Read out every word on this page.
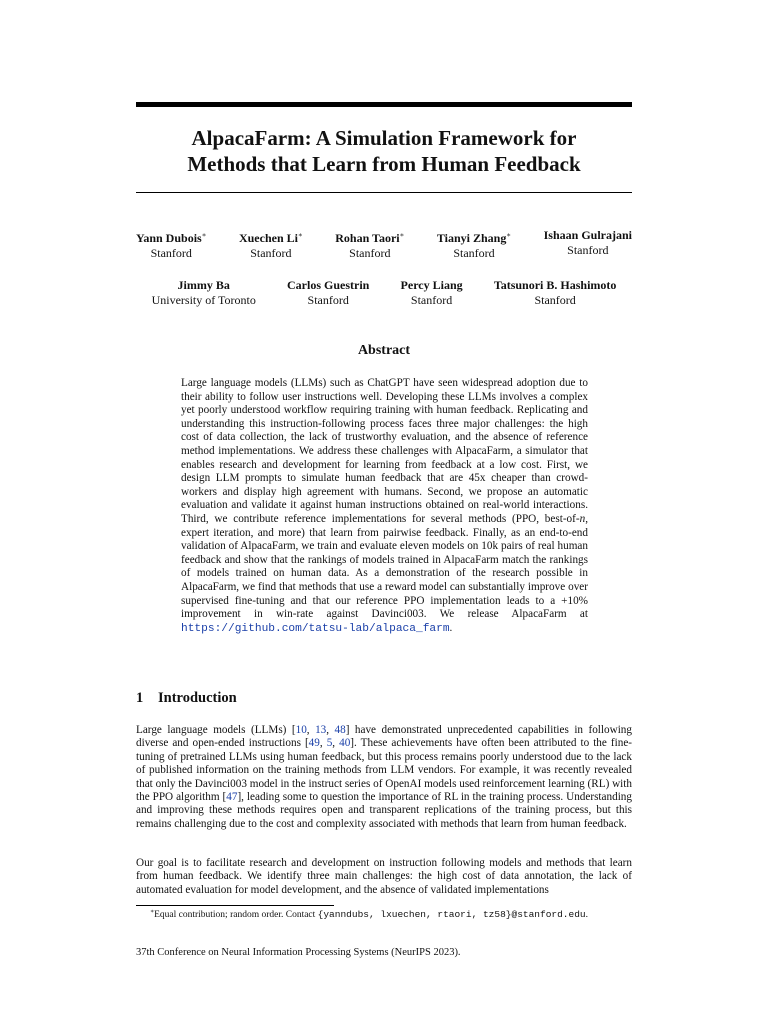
AlpacaFarm: A Simulation Framework for
Methods that Learn from Human Feedback
Yann Dubois∗
Stanford
Xuechen Li∗
Stanford
Rohan Taori∗
Stanford
Tianyi Zhang∗
Stanford
Ishaan Gulrajani
Stanford
Jimmy Ba
University of Toronto
Carlos Guestrin
Stanford
Percy Liang
Stanford
Tatsunori B. Hashimoto
Stanford
Abstract
Large language models (LLMs) such as ChatGPT have seen widespread adoption due to their ability to follow user instructions well. Developing these LLMs involves a complex yet poorly understood workflow requiring training with human feedback. Replicating and understanding this instruction-following process faces three major challenges: the high cost of data collection, the lack of trustworthy evaluation, and the absence of reference method implementations. We address these challenges with AlpacaFarm, a simulator that enables research and development for learning from feedback at a low cost. First, we design LLM prompts to simulate human feedback that are 45x cheaper than crowd-workers and display high agreement with humans. Second, we propose an automatic evaluation and validate it against human instructions obtained on real-world interactions. Third, we contribute reference implementations for several methods (PPO, best-of-n, expert iteration, and more) that learn from pairwise feedback. Finally, as an end-to-end validation of AlpacaFarm, we train and evaluate eleven models on 10k pairs of real human feedback and show that the rankings of models trained in AlpacaFarm match the rankings of models trained on human data. As a demonstration of the research possible in AlpacaFarm, we find that methods that use a reward model can substantially improve over supervised fine-tuning and that our reference PPO implementation leads to a +10% improvement in win-rate against Davinci003. We release AlpacaFarm at https://github.com/tatsu-lab/alpaca_farm.
1 Introduction
Large language models (LLMs) [10, 13, 48] have demonstrated unprecedented capabilities in following diverse and open-ended instructions [49, 5, 40]. These achievements have often been attributed to the fine-tuning of pretrained LLMs using human feedback, but this process remains poorly understood due to the lack of published information on the training methods from LLM vendors. For example, it was recently revealed that only the Davinci003 model in the instruct series of OpenAI models used reinforcement learning (RL) with the PPO algorithm [47], leading some to question the importance of RL in the training process. Understanding and improving these methods requires open and transparent replications of the training process, but this remains challenging due to the cost and complexity associated with methods that learn from human feedback.
Our goal is to facilitate research and development on instruction following models and methods that learn from human feedback. We identify three main challenges: the high cost of data annotation, the lack of automated evaluation for model development, and the absence of validated implementations
∗Equal contribution; random order. Contact {yanndubs, lxuechen, rtaori, tz58}@stanford.edu.
37th Conference on Neural Information Processing Systems (NeurIPS 2023).
